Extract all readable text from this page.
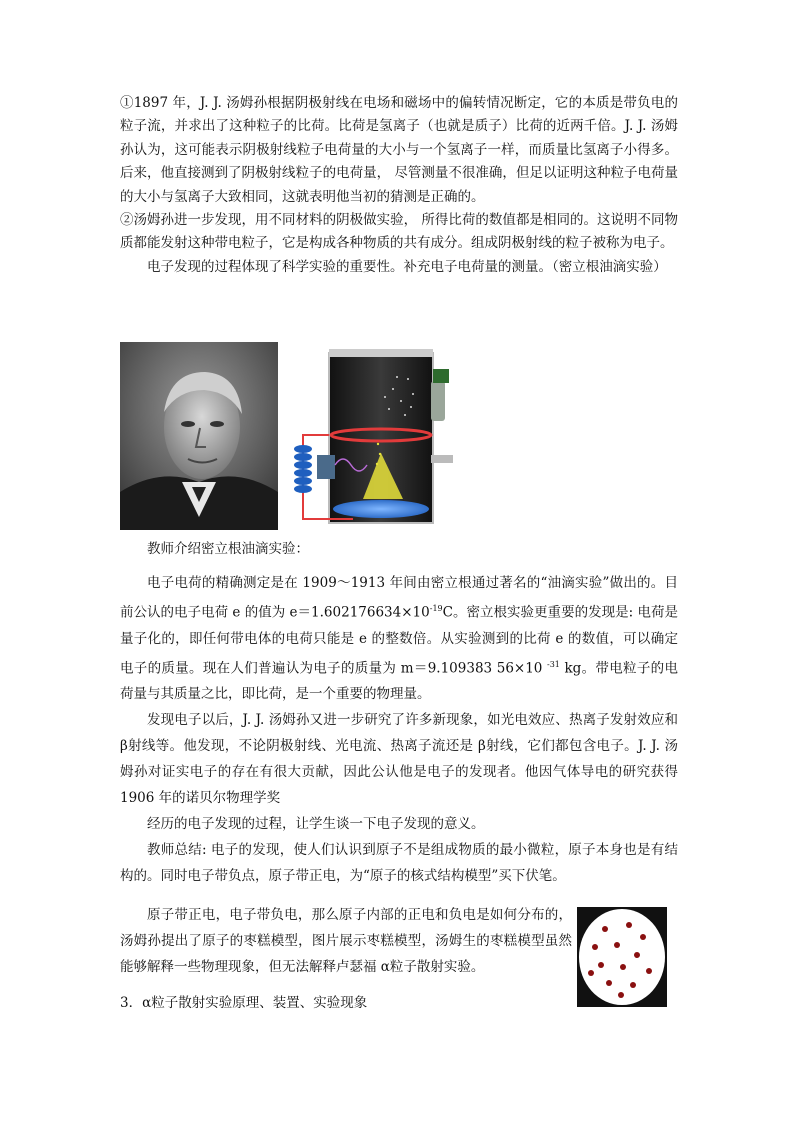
①1897 年，J. J. 汤姆孙根据阴极射线在电场和磁场中的偏转情况断定，它的本质是带负电的粒子流，并求出了这种粒子的比荷。比荷是氢离子（也就是质子）比荷的近两千倍。J. J. 汤姆孙认为，这可能表示阴极射线粒子电荷量的大小与一个氢离子一样，而质量比氢离子小得多。后来，他直接测到了阴极射线粒子的电荷量， 尽管测量不很准确，但足以证明这种粒子电荷量的大小与氢离子大致相同，这就表明他当初的猜测是正确的。

②汤姆孙进一步发现，用不同材料的阴极做实验， 所得比荷的数值都是相同的。这说明不同物质都能发射这种带电粒子，它是构成各种物质的共有成分。组成阴极射线的粒子被称为电子。

电子发现的过程体现了科学实验的重要性。补充电子电荷量的测量。（密立根油滴实验）

教师介绍密立根油滴实验：

电子电荷的精确测定是在 1909～1913 年间由密立根通过著名的“油滴实验”做出的。目前公认的电子电荷 e 的值为 $e=1.602176634\times 10^{-19}C$。密立根实验更重要的发现是: 电荷是量子化的，即任何带电体的电荷只能是 e 的整数倍。从实验测到的比荷 e 的数值，可以确定电子的质量。现在人们普遍认为电子的质量为 m＝9.109383 56×10 $^{-31}$ kg。带电粒子的电荷量与其质量之比，即比荷，是一个重要的物理量。

发现电子以后，J. J. 汤姆孙又进一步研究了许多新现象，如光电效应、热离子发射效应和 β射线等。他发现，不论阴极射线、光电流、热离子流还是 β射线，它们都包含电子。J. J. 汤姆孙对证实电子的存在有很大贡献，因此公认他是电子的发现者。他因气体导电的研究获得 1906 年的诺贝尔物理学奖

经历的电子发现的过程，让学生谈一下电子发现的意义。

教师总结: 电子的发现，使人们认识到原子不是组成物质的最小微粒，原子本身也是有结构的。同时电子带负点，原子带正电，为“原子的核式结构模型”买下伏笔。

原子带正电，电子带负电，那么原子内部的正电和负电是如何分布的，汤姆孙提出了原子的枣糕模型，图片展示枣糕模型，汤姆生的枣糕模型虽然能够解释一些物理现象，但无法解释卢瑟福 α粒子散射实验。

3．α粒子散射实验原理、装置、实验现象
